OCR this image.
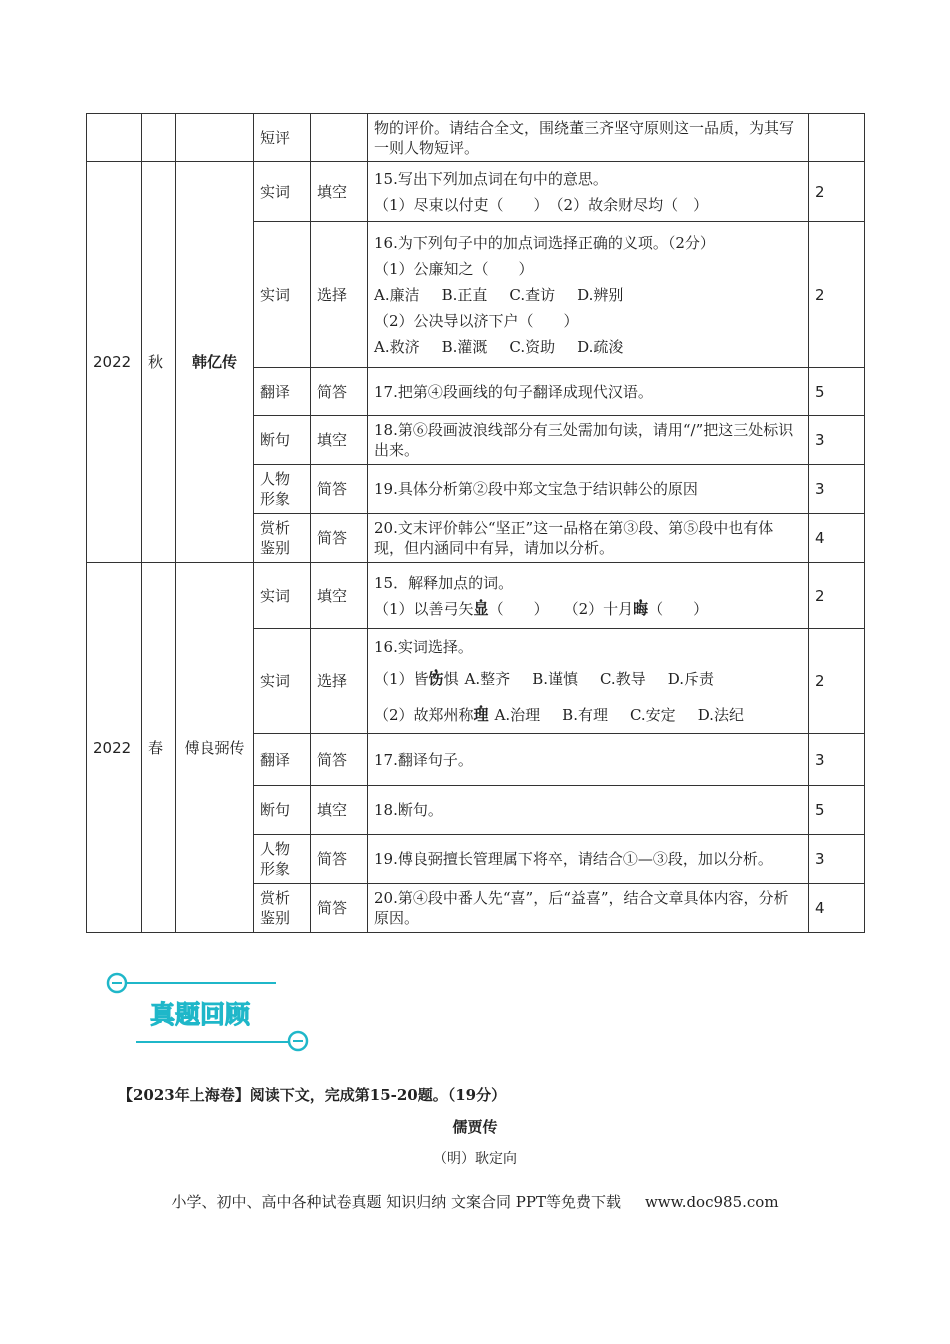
			短评		物的评价。请结合全文，围绕董三齐坚守原则这一品质，为其写一则人物短评。	
2022	秋	韩亿传	实词	填空	15.写出下列加点词在句中的意思。
（1）尽束以付吏（　　）　（2）故余财尽均（　）	2
			实词	选择	16.为下列句子中的加点词选择正确的义项。（2分）
（1）公廉知之（　　）
A.廉洁 B.正直 C.查访 D.辨别
（2）公决导以济下户（　　）
A.救济 B.灌溉 C.资助 D.疏浚	2
			翻译	简答	17.把第④段画线的句子翻译成现代汉语。	5
			断句	填空	18.第⑥段画波浪线部分有三处需加句读，请用“/”把这三处标识出来。	3
			人物形象	简答	19.具体分析第②段中郑文宝急于结识韩公的原因	3
			赏析鉴别	简答	20.文末评价韩公“坚正”这一品格在第③段、第⑤段中也有体现，但内涵同中有异，请加以分析。	4
2022	春	傅良弼传	实词	填空	15．解释加点的词。
（1）以善弓矢显（　　）　　 （2）十月晦（　　）	2
			实词	选择	16.实词选择。
（1）皆饬惧 A.整齐 B.谨慎 C.教导 D.斥责
（2）故郑州称理 A.治理 B.有理 C.安定 D.法纪	2
			翻译	简答	17.翻译句子。	3
			断句	填空	18.断句。	5
			人物形象	简答	19.傅良弼擅长管理属下将卒，请结合①—③段，加以分析。	3
			赏析鉴别	简答	20.第④段中番人先“喜”，后“益喜”，结合文章具体内容，分析原因。	4
真题回顾
【2023年上海卷】阅读下文，完成第15-20题。（19分）
儒贾传
（明）耿定向
小学、初中、高中各种试卷真题 知识归纳 文案合同 PPT等免费下载 www.doc985.com
